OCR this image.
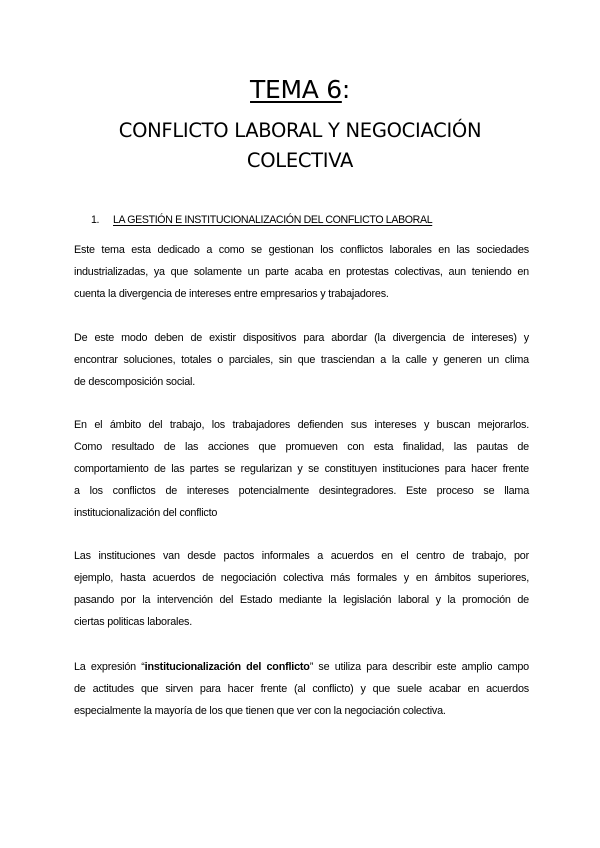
TEMA 6:
CONFLICTO LABORAL Y NEGOCIACIÓN
COLECTIVA
1. LA GESTIÓN E INSTITUCIONALIZACIÓN DEL CONFLICTO LABORAL
Este tema esta dedicado a como se gestionan los conflictos laborales en las sociedades
industrializadas, ya que solamente un parte acaba en protestas colectivas, aun teniendo en
cuenta la divergencia de intereses entre empresarios y trabajadores.
De este modo deben de existir dispositivos para abordar (la divergencia de intereses) y
encontrar soluciones, totales o parciales, sin que trasciendan a la calle y generen un clima
de descomposición social.
En el ámbito del trabajo, los trabajadores defienden sus intereses y buscan mejorarlos.
Como resultado de las acciones que promueven con esta finalidad, las pautas de
comportamiento de las partes se regularizan y se constituyen instituciones para hacer frente
a los conflictos de intereses potencialmente desintegradores. Este proceso se llama
institucionalización del conflicto
Las instituciones van desde pactos informales a acuerdos en el centro de trabajo, por
ejemplo, hasta acuerdos de negociación colectiva más formales y en ámbitos superiores,
pasando por la intervención del Estado mediante la legislación laboral y la promoción de
ciertas politicas laborales.
La expresión “institucionalización del conflicto” se utiliza para describir este amplio campo
de actitudes que sirven para hacer frente (al conflicto) y que suele acabar en acuerdos
especialmente la mayoría de los que tienen que ver con la negociación colectiva.
